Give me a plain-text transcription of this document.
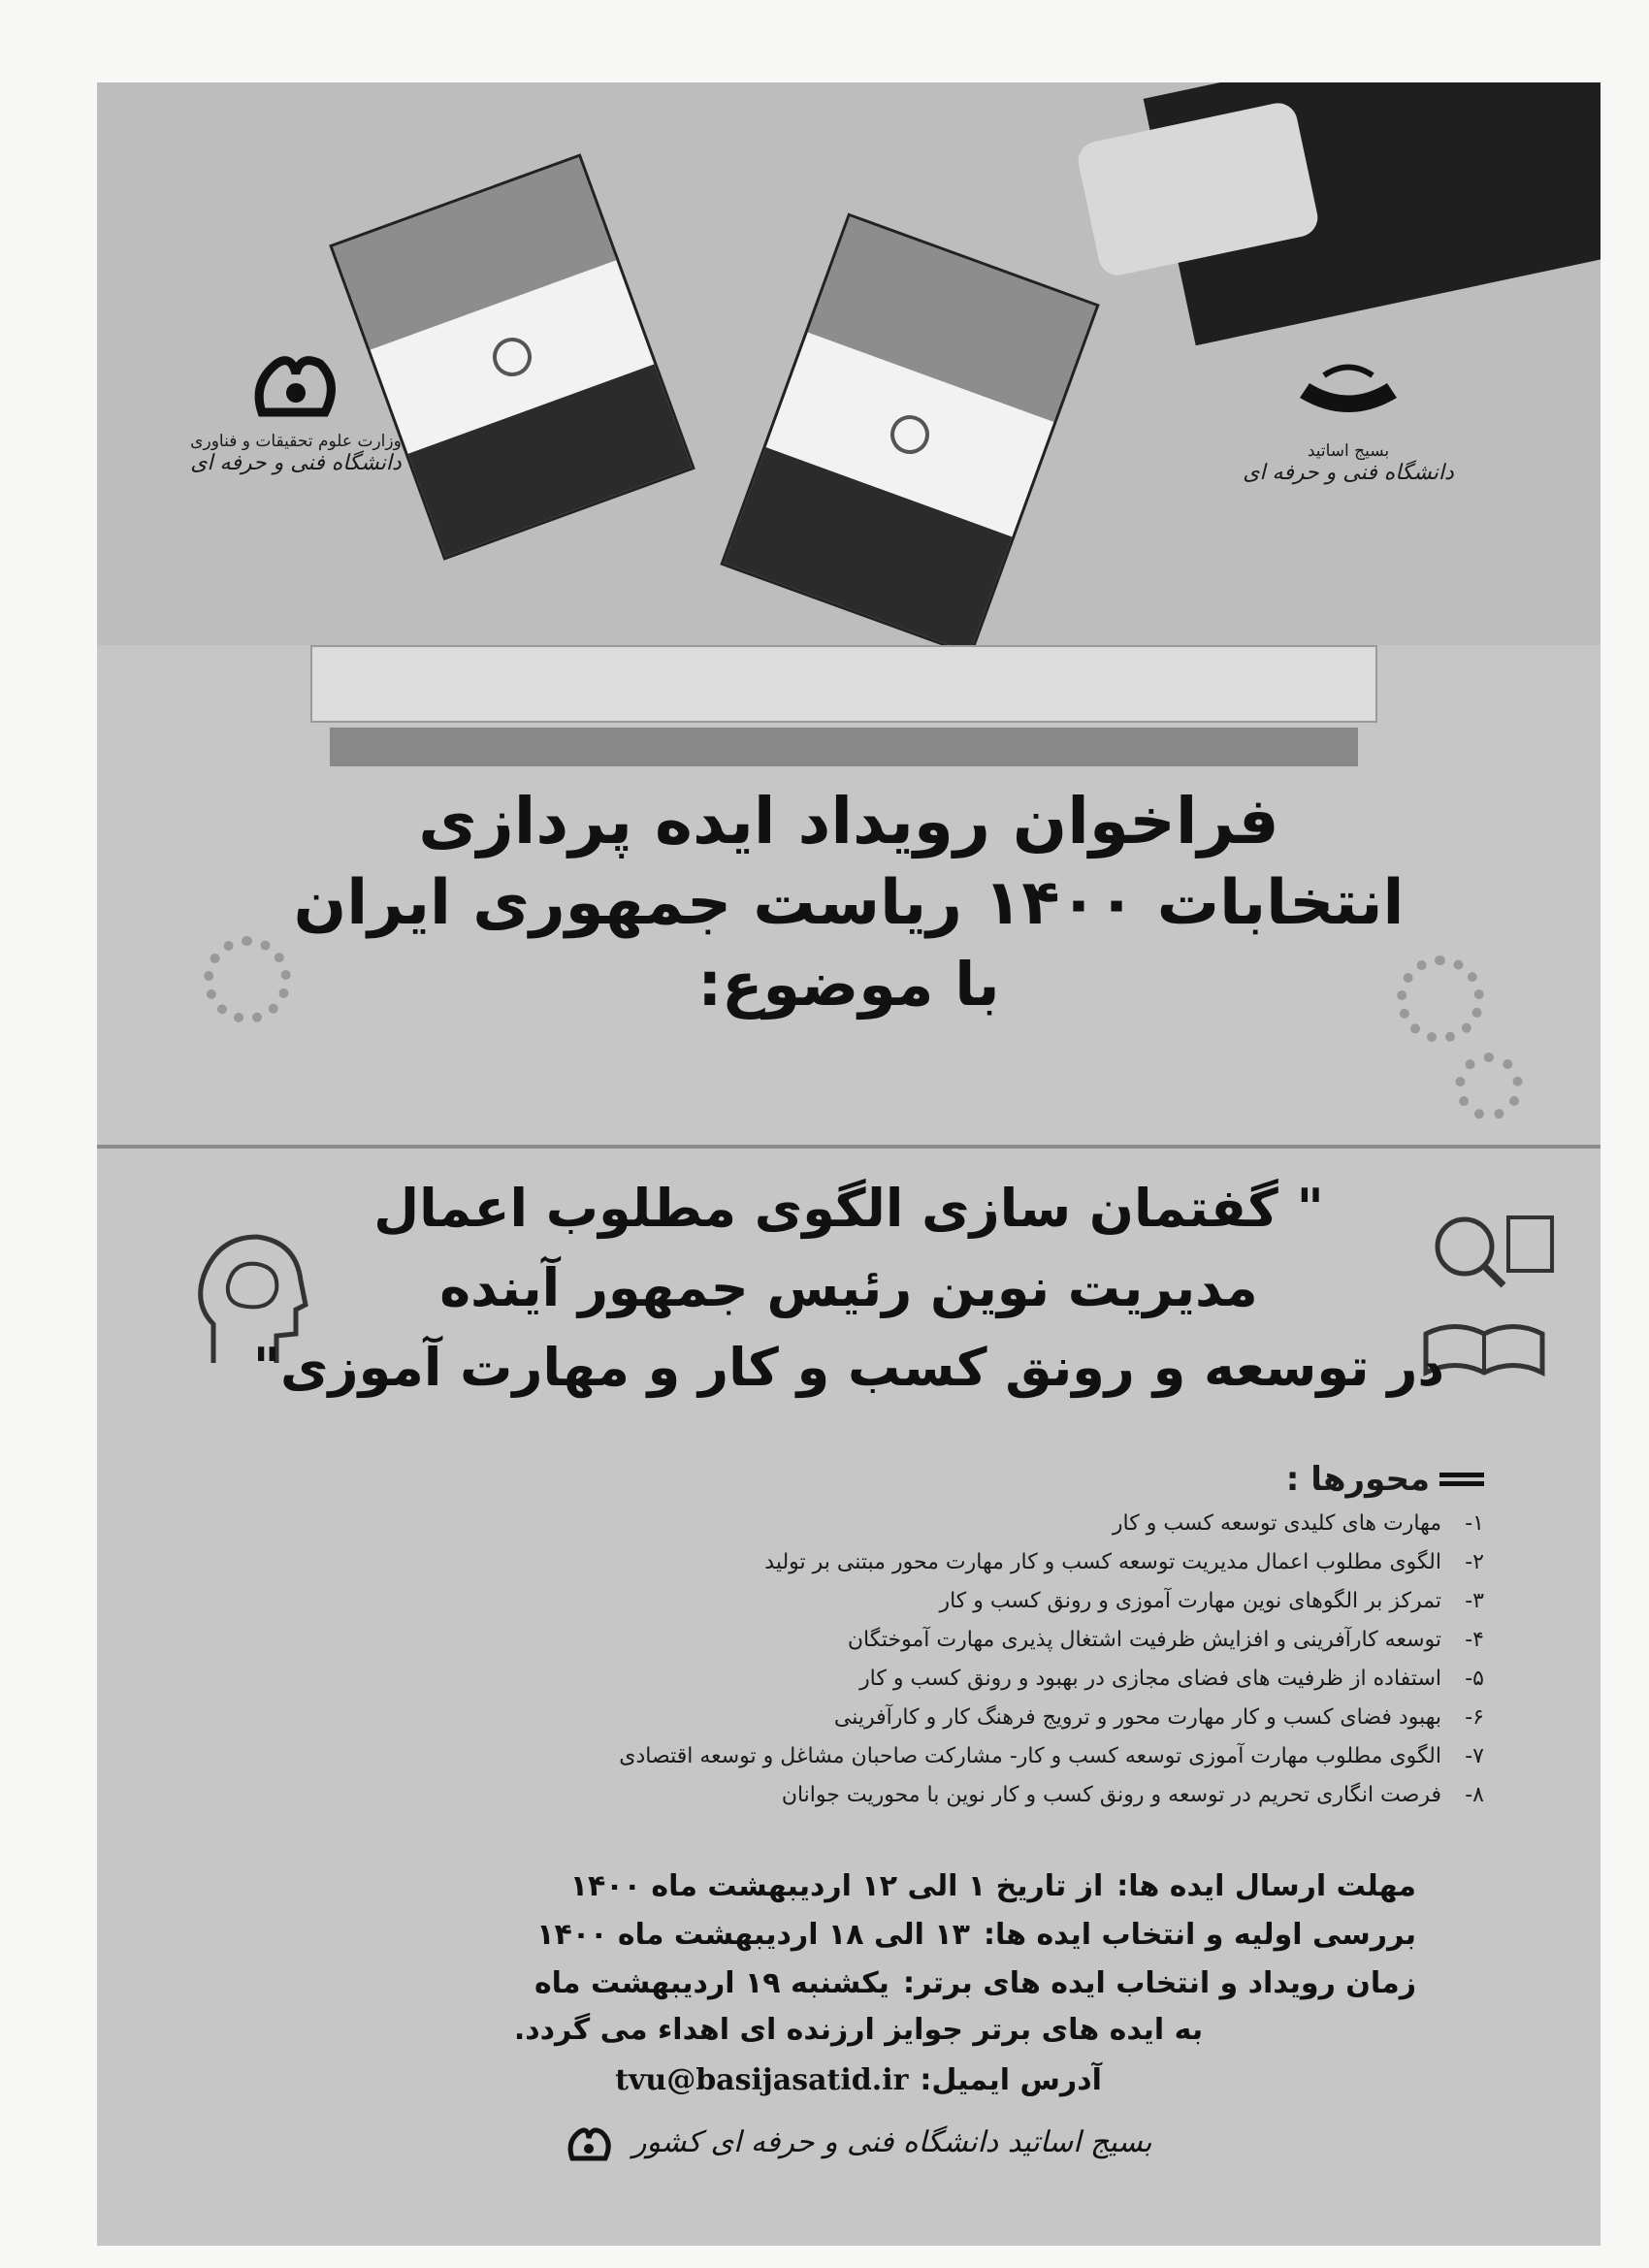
وزارت علوم تحقیقات و فناوری
دانشگاه فنی و حرفه ای	بسیج اساتید
دانشگاه فنی و حرفه ای
فراخوان رویداد ایده پردازی
انتخابات ۱۴۰۰ ریاست جمهوری ایران
با موضوع:
" گفتمان سازی الگوی مطلوب اعمال
مدیریت نوین رئیس جمهور آینده
در توسعه و رونق کسب و کار و مهارت آموزی"
محورها :
۱-مهارت های کلیدی توسعه کسب و کار
۲-الگوی مطلوب اعمال مدیریت توسعه کسب و کار مهارت محور مبتنی بر تولید
۳-تمرکز بر الگوهای نوین مهارت آموزی و رونق کسب و کار
۴-توسعه کارآفرینی و افزایش ظرفیت اشتغال پذیری مهارت آموختگان
۵-استفاده از ظرفیت های فضای مجازی در بهبود و رونق کسب و کار
۶-بهبود فضای کسب و کار مهارت محور و ترویج فرهنگ کار و کارآفرینی
۷-الگوی مطلوب مهارت آموزی توسعه کسب و کار- مشارکت صاحبان مشاغل و توسعه اقتصادی
۸-فرصت انگاری تحریم در توسعه و رونق کسب و کار نوین با محوریت جوانان
مهلت ارسال ایده ها:از تاریخ ۱ الی ۱۲ اردیبهشت ماه ۱۴۰۰
بررسی اولیه و انتخاب ایده ها:۱۳ الی ۱۸ اردیبهشت ماه ۱۴۰۰
زمان رویداد و انتخاب ایده های برتر:یکشنبه ۱۹ اردیبهشت ماه
به ایده های برتر جوایز ارزنده ای اهداء می گردد.
آدرس ایمیل:tvu@basijasatid.ir
بسیج اساتید دانشگاه فنی و حرفه ای کشور
